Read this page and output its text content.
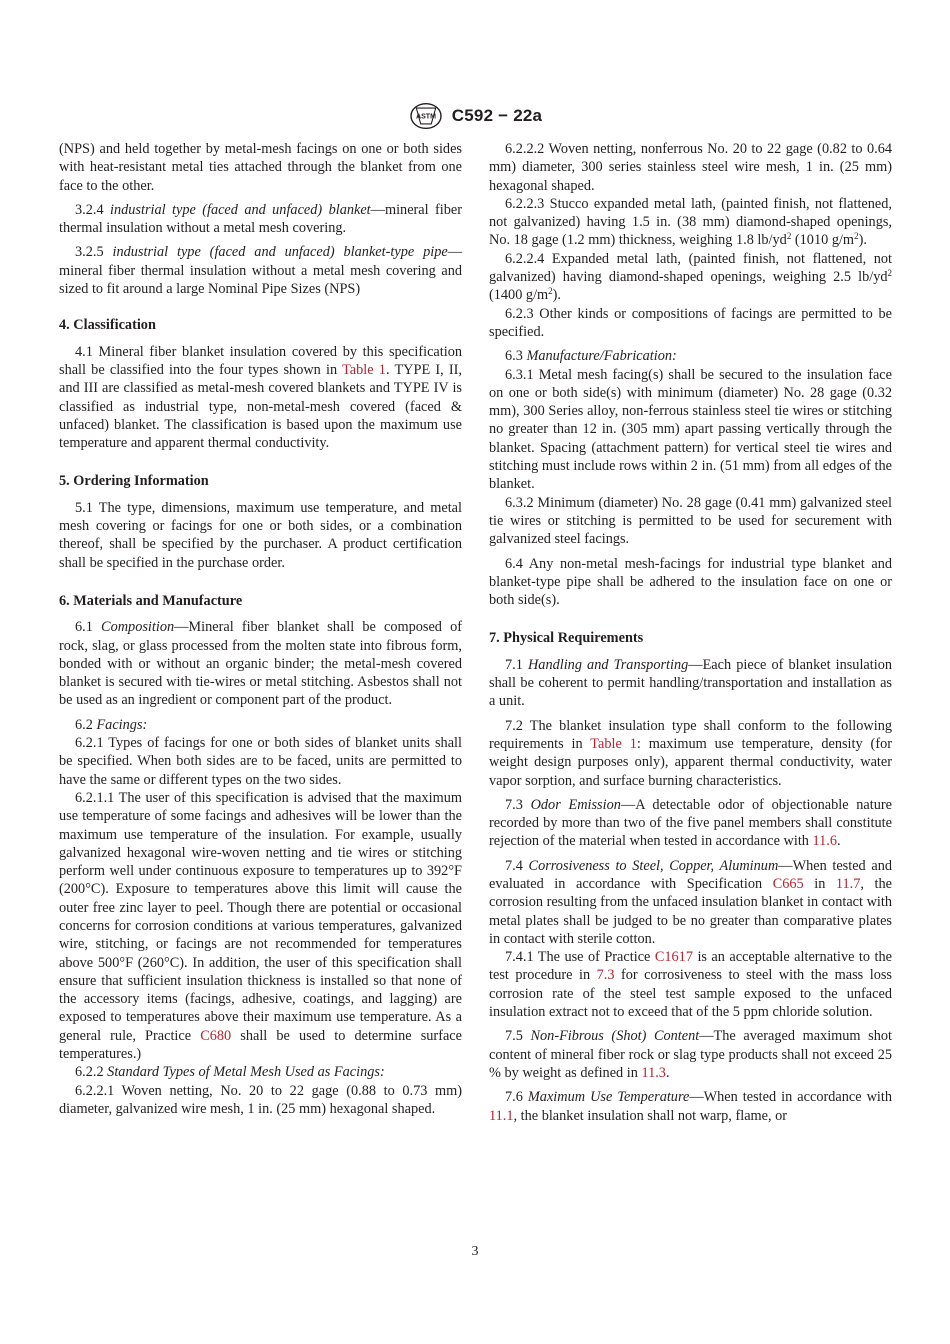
ASTM C592 − 22a

(NPS) and held together by metal-mesh facings on one or both sides with heat-resistant metal ties attached through the blanket from one face to the other.

3.2.4 industrial type (faced and unfaced) blanket—mineral fiber thermal insulation without a metal mesh covering.

3.2.5 industrial type (faced and unfaced) blanket-type pipe—mineral fiber thermal insulation without a metal mesh covering and sized to fit around a large Nominal Pipe Sizes (NPS)

4. Classification

4.1 Mineral fiber blanket insulation covered by this specification shall be classified into the four types shown in Table 1. TYPE I, II, and III are classified as metal-mesh covered blankets and TYPE IV is classified as industrial type, non-metal-mesh covered (faced & unfaced) blanket. The classification is based upon the maximum use temperature and apparent thermal conductivity.

5. Ordering Information

5.1 The type, dimensions, maximum use temperature, and metal mesh covering or facings for one or both sides, or a combination thereof, shall be specified by the purchaser. A product certification shall be specified in the purchase order.

6. Materials and Manufacture

6.1 Composition—Mineral fiber blanket shall be composed of rock, slag, or glass processed from the molten state into fibrous form, bonded with or without an organic binder; the metal-mesh covered blanket is secured with tie-wires or metal stitching. Asbestos shall not be used as an ingredient or component part of the product.

6.2 Facings:

6.2.1 Types of facings for one or both sides of blanket units shall be specified. When both sides are to be faced, units are permitted to have the same or different types on the two sides.

6.2.1.1 The user of this specification is advised that the maximum use temperature of some facings and adhesives will be lower than the maximum use temperature of the insulation. For example, usually galvanized hexagonal wire-woven netting and tie wires or stitching perform well under continuous exposure to temperatures up to 392°F (200°C). Exposure to temperatures above this limit will cause the outer free zinc layer to peel. Though there are potential or occasional concerns for corrosion conditions at various temperatures, galvanized wire, stitching, or facings are not recommended for temperatures above 500°F (260°C). In addition, the user of this specification shall ensure that sufficient insulation thickness is installed so that none of the accessory items (facings, adhesive, coatings, and lagging) are exposed to temperatures above their maximum use temperature. As a general rule, Practice C680 shall be used to determine surface temperatures.)

6.2.2 Standard Types of Metal Mesh Used as Facings:

6.2.2.1 Woven netting, No. 20 to 22 gage (0.88 to 0.73 mm) diameter, galvanized wire mesh, 1 in. (25 mm) hexagonal shaped.

6.2.2.2 Woven netting, nonferrous No. 20 to 22 gage (0.82 to 0.64 mm) diameter, 300 series stainless steel wire mesh, 1 in. (25 mm) hexagonal shaped.

6.2.2.3 Stucco expanded metal lath, (painted finish, not flattened, not galvanized) having 1.5 in. (38 mm) diamond-shaped openings, No. 18 gage (1.2 mm) thickness, weighing 1.8 $lb/yd^2$ (1010 $g/m^2$).

6.2.2.4 Expanded metal lath, (painted finish, not flattened, not galvanized) having diamond-shaped openings, weighing 2.5 $lb/yd^2$ (1400 $g/m^2$).

6.2.3 Other kinds or compositions of facings are permitted to be specified.

6.3 Manufacture/Fabrication:

6.3.1 Metal mesh facing(s) shall be secured to the insulation face on one or both side(s) with minimum (diameter) No. 28 gage (0.32 mm), 300 Series alloy, non-ferrous stainless steel tie wires or stitching no greater than 12 in. (305 mm) apart passing vertically through the blanket. Spacing (attachment pattern) for vertical steel tie wires and stitching must include rows within 2 in. (51 mm) from all edges of the blanket.

6.3.2 Minimum (diameter) No. 28 gage (0.41 mm) galvanized steel tie wires or stitching is permitted to be used for securement with galvanized steel facings.

6.4 Any non-metal mesh-facings for industrial type blanket and blanket-type pipe shall be adhered to the insulation face on one or both side(s).

7. Physical Requirements

7.1 Handling and Transporting—Each piece of blanket insulation shall be coherent to permit handling/transportation and installation as a unit.

7.2 The blanket insulation type shall conform to the following requirements in Table 1: maximum use temperature, density (for weight design purposes only), apparent thermal conductivity, water vapor sorption, and surface burning characteristics.

7.3 Odor Emission—A detectable odor of objectionable nature recorded by more than two of the five panel members shall constitute rejection of the material when tested in accordance with 11.6.

7.4 Corrosiveness to Steel, Copper, Aluminum—When tested and evaluated in accordance with Specification C665 in 11.7, the corrosion resulting from the unfaced insulation blanket in contact with metal plates shall be judged to be no greater than comparative plates in contact with sterile cotton.

7.4.1 The use of Practice C1617 is an acceptable alternative to the test procedure in 7.3 for corrosiveness to steel with the mass loss corrosion rate of the steel test sample exposed to the unfaced insulation extract not to exceed that of the 5 ppm chloride solution.

7.5 Non-Fibrous (Shot) Content—The averaged maximum shot content of mineral fiber rock or slag type products shall not exceed 25 % by weight as defined in 11.3.

7.6 Maximum Use Temperature—When tested in accordance with 11.1, the blanket insulation shall not warp, flame, or

3
